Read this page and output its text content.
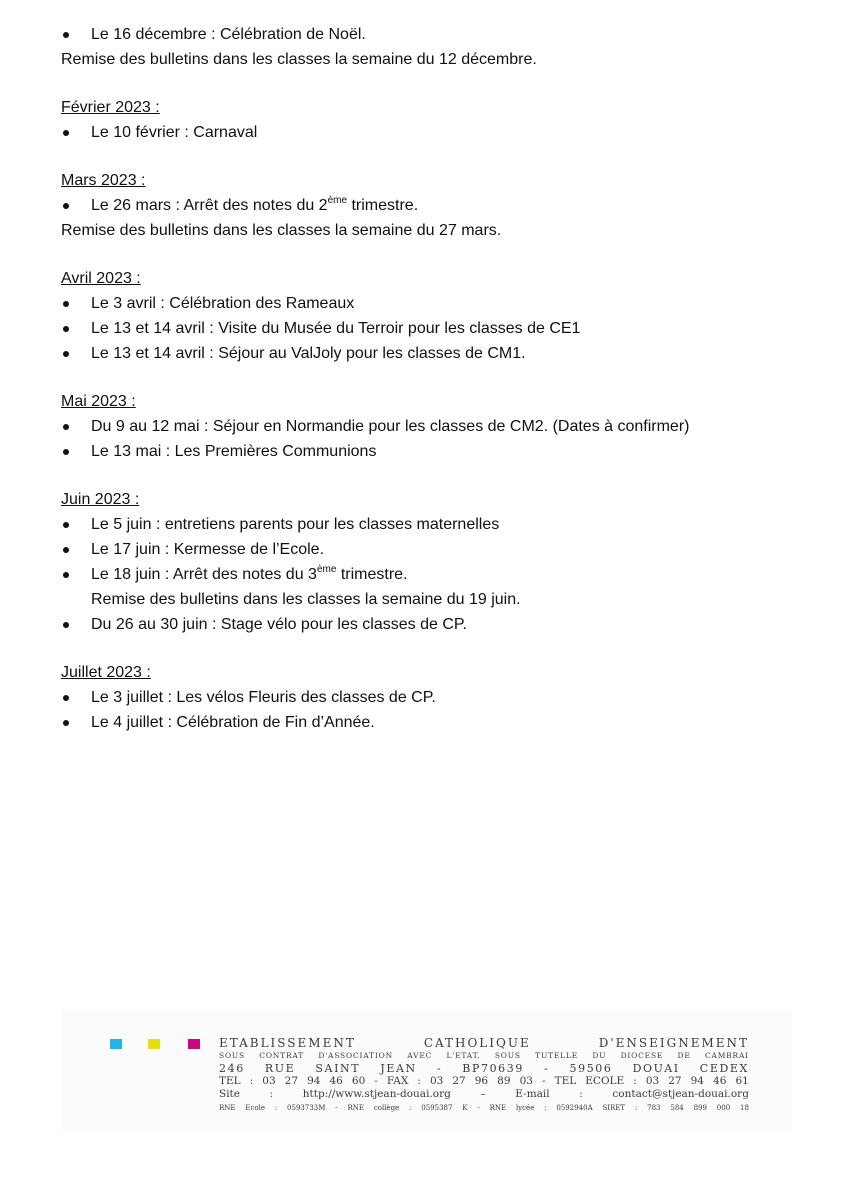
Le 16 décembre : Célébration de Noël.
Remise des bulletins dans les classes la semaine du 12 décembre.
Février 2023 :
Le 10 février : Carnaval
Mars 2023 :
Le 26 mars : Arrêt des notes du 2ème trimestre.
Remise des bulletins dans les classes la semaine du 27 mars.
Avril 2023 :
Le 3 avril : Célébration des Rameaux
Le 13 et 14 avril : Visite du Musée du Terroir pour les classes de CE1
Le 13 et 14 avril : Séjour au ValJoly pour les classes de CM1.
Mai 2023 :
Du 9 au 12 mai : Séjour en Normandie pour les classes de CM2. (Dates à confirmer)
Le 13 mai : Les Premières Communions
Juin 2023 :
Le 5 juin : entretiens parents pour les classes maternelles
Le 17 juin : Kermesse de l’Ecole.
Le 18 juin : Arrêt des notes du 3ème trimestre.
Remise des bulletins dans les classes la semaine du 19 juin.
Du 26 au 30 juin : Stage vélo pour les classes de CP.
Juillet 2023 :
Le 3 juillet : Les vélos Fleuris des classes de CP.
Le 4 juillet : Célébration de Fin d’Année.
ETABLISSEMENT	CATHOLIQUE	D'ENSEIGNEMENT
SOUS CONTRAT D'ASSOCIATION AVEC L'ETAT, SOUS TUTELLE DU DIOCESE DE CAMBRAI
246 RUE SAINT JEAN - BP70639 - 59506 DOUAI CEDEX
TEL : 03 27 94 46 60 - FAX : 03 27 96 89 03 - TEL ECOLE : 03 27 94 46 61
Site	:	http://www.stjean-douai.org	–	E-mail	:	contact@stjean-douai.org
RNE Ecole : 0593733M - RNE collège : 0595387 K - RNE lycée : 0592940A SIRET : 783 584 899 000 18
